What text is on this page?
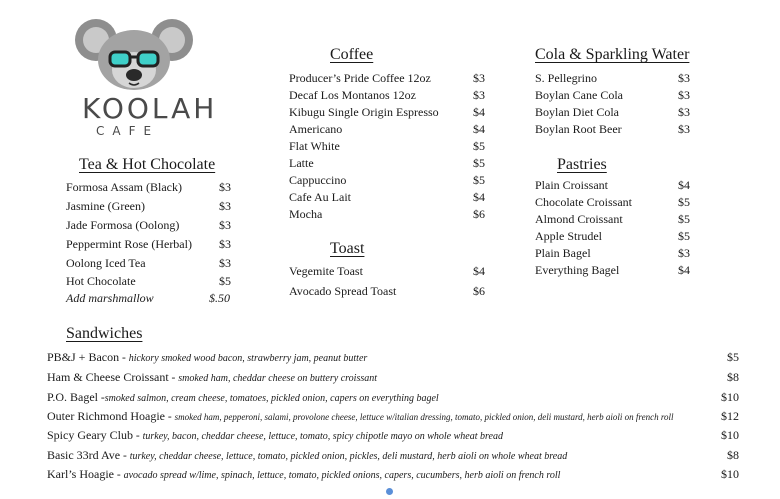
KOOLAH
CAFE
Tea & Hot Chocolate
Formosa Assam (Black)	$3
Jasmine (Green)	$3
Jade Formosa (Oolong)	$3
Peppermint Rose (Herbal) $3
Oolong Iced Tea	$3
Hot Chocolate	$5
Add marshmallow	$.50
Coffee
Producer’s Pride Coffee 12oz	$3
Decaf Los Montanos 12oz	$3
Kibugu Single Origin Espresso	$4
Americano	$4
Flat White	$5
Latte	$5
Cappuccino	$5
Cafe Au Lait	$4
Mocha	$6
Toast
Vegemite Toast	$4
Avocado Spread Toast	$6
Cola & Sparkling Water
S. Pellegrino	$3
Boylan Cane Cola	$3
Boylan Diet Cola	$3
Boylan Root Beer	$3
Pastries
Plain Croissant	$4
Chocolate Croissant	$5
Almond Croissant	$5
Apple Strudel	$5
Plain Bagel	$3
Everything Bagel	$4
Sandwiches
PB&J + Bacon - hickory smoked wood bacon, strawberry jam, peanut butter	$5
Ham & Cheese Croissant - smoked ham, cheddar cheese on buttery croissant	$8
P.O. Bagel -smoked salmon, cream cheese, tomatoes, pickled onion, capers on everything bagel	$10
Outer Richmond Hoagie - smoked ham, pepperoni, salami, provolone cheese, lettuce w/italian dressing, tomato, pickled onion, deli mustard, herb aioli on french roll	$12
Spicy Geary Club - turkey, bacon, cheddar cheese, lettuce, tomato, spicy chipotle mayo on whole wheat bread	$10
Basic 33rd Ave - turkey, cheddar cheese, lettuce, tomato, pickled onion, pickles, deli mustard, herb aioli on whole wheat bread	$8
Karl’s Hoagie - avocado spread w/lime, spinach, lettuce, tomato, pickled onions, capers, cucumbers, herb aioli on french roll	$10
